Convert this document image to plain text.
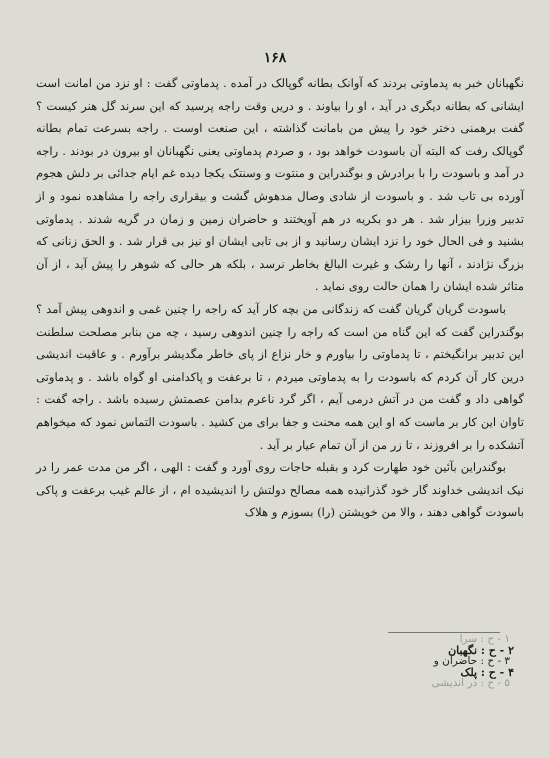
۱۶۸

نگهبانان خبر به پدماوتی بردند که آوانک بطانه گوپالک در آمده . پدماوتی گفت : او نزد من امانت است ایشانی که بطانه دیگری در آید ، او را بیاوند . و دریں وقت راجه پرسید که این سرند گل هنر کیست ؟ گفت برهمنی دختر خود را پیش من بامانت گذاشته ، این صنعت اوست . راجه بسرعت تمام بطانه گوپالک رفت که البته آن باسودت خواهد بود ، و صردم پدماوتی یعنی نگهبانان او بیرون در بودند . راجه در آمد و باسودت را با برادرش و بوگندراین و منتوت و وسنتک یکجا دیده غم ایام جدائی بر دلش هجوم آورده بی تاب شد . و باسودت از شادی وصال مدهوش گشت و بیقراری راجه را مشاهده نمود و از تدبیر وزرا بیزار شد . هر دو بکریه در هم آویختند و حاضران زمین و زمان در گریه شدند . پدماوتی بشنید و فی الحال خود را نزد ایشان رسانید و از بی تابی ایشان او نیز بی قرار شد . و الحق زنانی که بزرگ نژادند ، آنها را رشک و غیرت البالغ بخاطر نرسد ، بلکه هر حالی که شوهر را پیش آید ، از آن متاثر شده ایشان را همان حالت روی نماید .

باسودت گریان گریان گفت که زندگانی من بچه کار آید که راجه را چنین غمی و اندوهی پیش آمد ؟ بوگندراین گفت که این گناه من است که راجه را چنین اندوهی رسید ، چه من بنابر مصلحت سلطنت این تدبیر برانگیختم ، تا پدماوتی را بیاورم و خار نزاع از پای خاطر مگدیشر برآورم . و عاقبت اندیشی درین کار آن کردم که باسودت را به پدماوتی میردم ، تا برعفت و پاکدامنی او گواه باشد . و پدماوتی گواهی داد و گفت من در آتش درمی آیم ، اگر گرد ناعرم بدامن عصمتش رسیده باشد . راجه گفت : تاوان این کار بر ماست که او این همه محنت و جفا برای من کشید . باسودت التماس نمود که میخواهم آتشکده را بر افروزند ، تا زر من از آن تمام عیار بر آید .

بوگندراین بآئین خود طهارت کرد و بقبله حاجات روی آورد و گفت : الهی ، اگر من مدت عمر را در نیک اندیشی خداوند گار خود گذرانیده همه مصالح دولتش را اندیشیده ام ، از عالم غیب برعفت و پاکی باسودت گواهی دهند ، والا من خویشتن (را) بسوزم و هلاک

۲ - ح : نگهبان
۴ - ح : پلک
۱ - ح : سرا
۳ - ح : حاضران و
۵ - ح : در اندیشی
